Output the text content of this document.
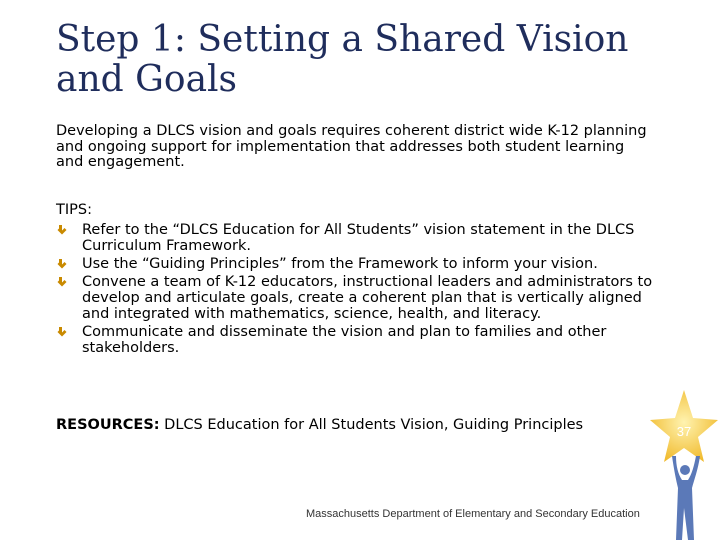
Step 1: Setting a Shared Vision and Goals
Developing a DLCS vision and goals requires coherent district wide K-12 planning and ongoing support for implementation that addresses both student learning and engagement.
TIPS:
Refer to the “DLCS Education for All Students” vision statement in the DLCS Curriculum Framework.
Use the “Guiding Principles” from the Framework to inform your vision.
Convene a team of K-12 educators, instructional leaders and administrators to develop and articulate goals, create a coherent plan that is vertically aligned and integrated with mathematics, science, health, and literacy.
Communicate and disseminate the vision and plan to families and other stakeholders.
RESOURCES: DLCS Education for All Students Vision, Guiding Principles
Massachusetts Department of Elementary and Secondary Education
37
